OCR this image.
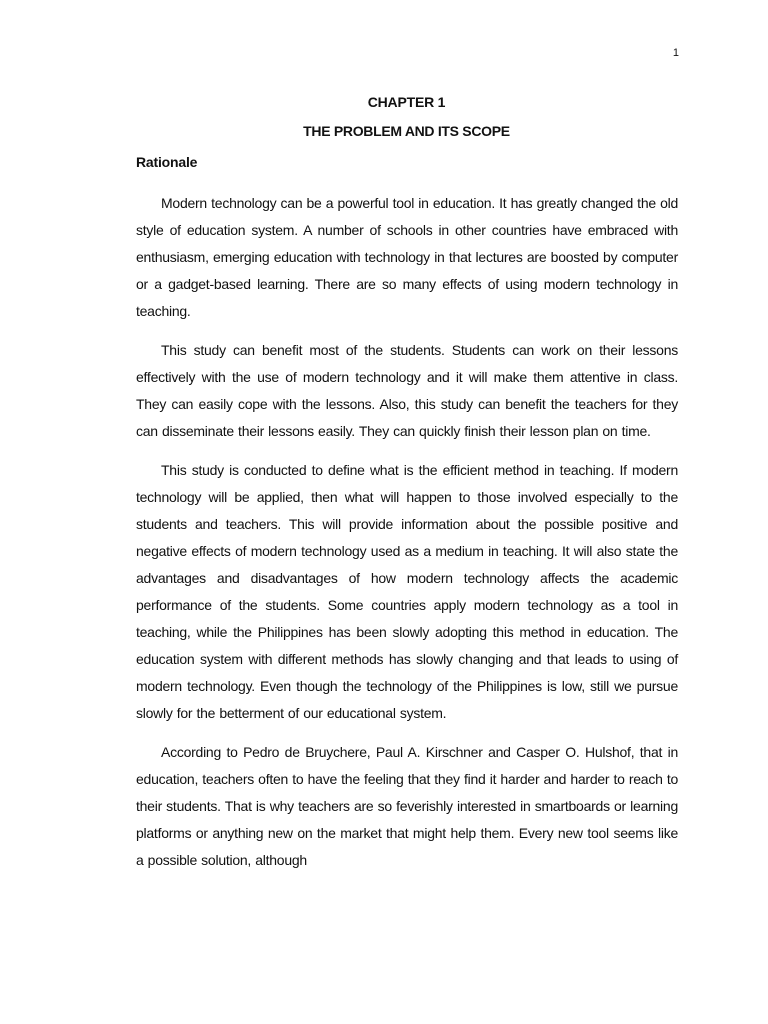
1
CHAPTER 1
THE PROBLEM AND ITS SCOPE
Rationale

Modern technology can be a powerful tool in education. It has greatly changed the old style of education system. A number of schools in other countries have embraced with enthusiasm, emerging education with technology in that lectures are boosted by computer or a gadget-based learning. There are so many effects of using modern technology in teaching.

This study can benefit most of the students. Students can work on their lessons effectively with the use of modern technology and it will make them attentive in class. They can easily cope with the lessons. Also, this study can benefit the teachers for they can disseminate their lessons easily. They can quickly finish their lesson plan on time.

This study is conducted to define what is the efficient method in teaching. If modern technology will be applied, then what will happen to those involved especially to the students and teachers. This will provide information about the possible positive and negative effects of modern technology used as a medium in teaching. It will also state the advantages and disadvantages of how modern technology affects the academic performance of the students. Some countries apply modern technology as a tool in teaching, while the Philippines has been slowly adopting this method in education. The education system with different methods has slowly changing and that leads to using of modern technology. Even though the technology of the Philippines is low, still we pursue slowly for the betterment of our educational system.

According to Pedro de Bruychere, Paul A. Kirschner and Casper O. Hulshof, that in education, teachers often to have the feeling that they find it harder and harder to reach to their students. That is why teachers are so feverishly interested in smartboards or learning platforms or anything new on the market that might help them. Every new tool seems like a possible solution, although
